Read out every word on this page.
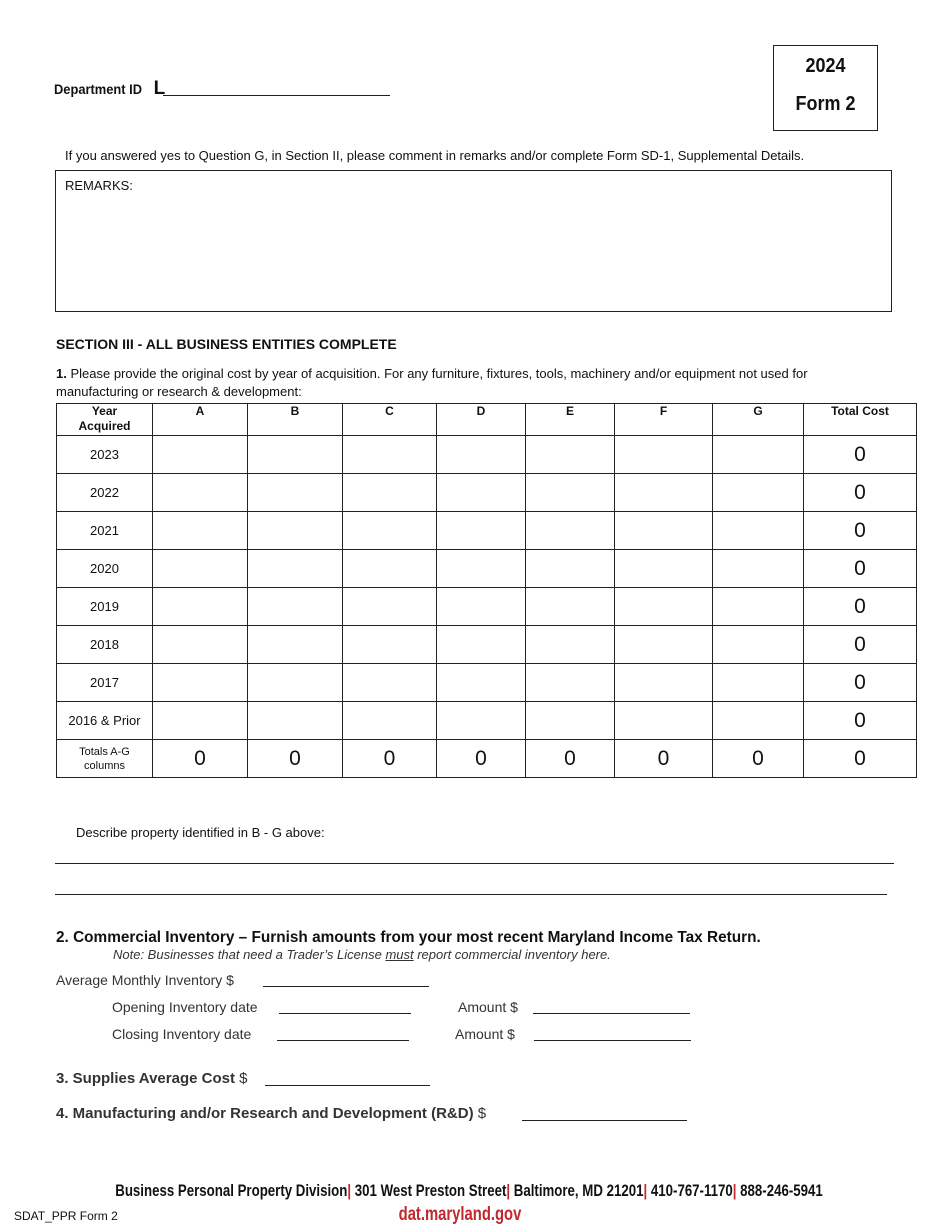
Department ID L
2024
Form 2
If you answered yes to Question G, in Section II, please comment in remarks and/or complete Form SD-1, Supplemental Details.
REMARKS:
SECTION III - ALL BUSINESS ENTITIES COMPLETE
1. Please provide the original cost by year of acquisition. For any furniture, fixtures, tools, machinery and/or equipment not used for
manufacturing or research & development:
Year Acquired	A	B	C	D	E	F	G	Total Cost
2023								0
2022								0
2021								0
2020								0
2019								0
2018								0
2017								0
2016 & Prior								0
Totals A-G columns	0	0	0	0	0	0	0	0
Describe property identified in B - G above:
2. Commercial Inventory – Furnish amounts from your most recent Maryland Income Tax Return.
Note: Businesses that need a Trader’s License must report commercial inventory here.
Average Monthly Inventory $
Opening Inventory date	Amount $
Closing Inventory date	Amount $
3. Supplies Average Cost $
4. Manufacturing and/or Research and Development (R&D) $
Business Personal Property Division| 301 West Preston Street| Baltimore, MD 21201| 410-767-1170| 888-246-5941
dat.maryland.gov
SDAT_PPR Form 2
